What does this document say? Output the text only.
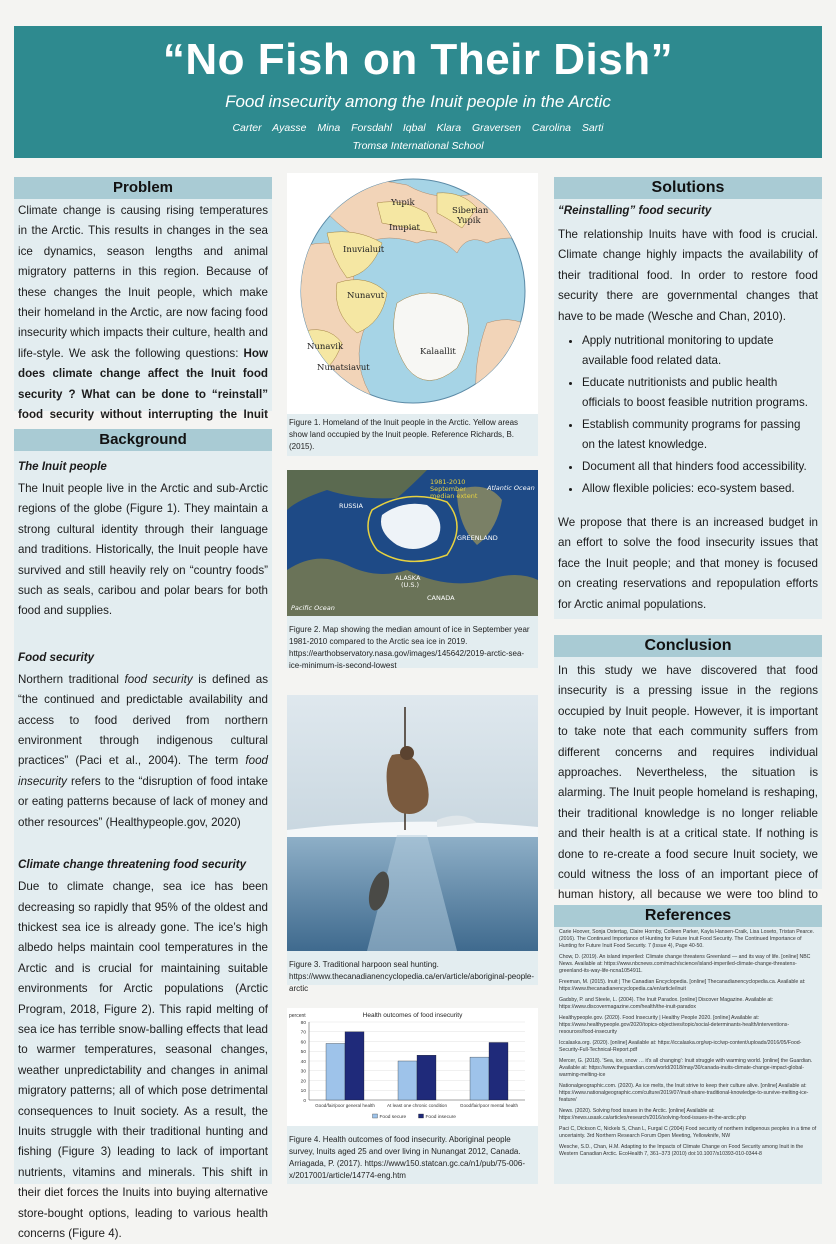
“No Fish on Their Dish”
Food insecurity among the Inuit people in the Arctic
Carter Ayasse Mina Forsdahl Iqbal Klara Graversen Carolina Sarti
Tromsø International School
Problem
Climate change is causing rising temperatures in the Arctic. This results in changes in the sea ice dynamics, season lengths and animal migratory patterns in this region. Because of these changes the Inuit people, which make their homeland in the Arctic, are now facing food insecurity which impacts their culture, health and life-style. We ask the following questions: How does climate change affect the Inuit food security ? What can be done to “reinstall” food security without interrupting the Inuit
Background
The Inuit people
The Inuit people live in the Arctic and sub-Arctic regions of the globe (Figure 1). They maintain a strong cultural identity through their language and traditions. Historically, the Inuit people have survived and still heavily rely on “country foods” such as seals, caribou and polar bears for both food and supplies.
Food security
Northern traditional food security is defined as “the continued and predictable availability and access to food derived from northern environment through indigenous cultural practices” (Paci et al., 2004). The term food insecurity refers to the “disruption of food intake or eating patterns because of lack of money and other resources” (Healthypeople.gov, 2020)
Climate change threatening food security
Due to climate change, sea ice has been decreasing so rapidly that 95% of the oldest and thickest sea ice is already gone. The ice’s high albedo helps maintain cool temperatures in the Arctic and is crucial for maintaining suitable environments for Arctic populations (Arctic Program, 2018, Figure 2). This rapid melting of sea ice has terrible snow-balling effects that lead to warmer temperatures, seasonal changes, weather unpredictability and changes in animal migratory patterns; all of which pose detrimental consequences to Inuit society. As a result, the Inuits struggle with their traditional hunting and fishing (Figure 3) leading to lack of important nutrients, vitamins and minerals. This shift in their diet forces the Inuits into buying alternative store-bought options, leading to various health concerns (Figure 4).
Yupik
Siberian
Yupik
Inupiat
Inuvialuit
Nunavut
Nunavik	Kalaallit
Nunatsiavut
Figure 1. Homeland of the Inuit people in the Arctic. Yellow areas show land occupied by the Inuit people. Reference Richards, B. (2015).
1981-2010
September
median extent
Atlantic Ocean
RUSSIA
GREENLAND
ALASKA
(U.S.)
CANADA
Pacific Ocean
Figure 2. Map showing the median amount of ice in September year 1981-2010 compared to the Arctic sea ice in 2019. https://earthobservatory.nasa.gov/images/145642/2019-arctic-sea-ice-minimum-is-second-lowest
Figure 3. Traditional harpoon seal hunting. https://www.thecanadianencyclopedia.ca/en/article/aboriginal-people-arctic
Health outcomes of food insecurity
percent
0
10
20
30
40
50
60
70
80
Good/fair/poor general health	At least one chronic condition	Good/fair/poor mental health
Food secure	Food insecure
Figure 4. Health outcomes of food insecurity. Aboriginal people survey, Inuits aged 25 and over living in Nunangat 2012, Canada. Arriagada, P. (2017). https://www150.statcan.gc.ca/n1/pub/75-006-x/2017001/article/14774-eng.htm
Solutions
“Reinstalling” food security
The relationship Inuits have with food is crucial. Climate change highly impacts the availability of their traditional food. In order to restore food security there are governmental changes that have to be made (Wesche and Chan, 2010).
• Apply nutritional monitoring to update available food related data.
• Educate nutritionists and public health officials to boost feasible nutrition programs.
• Establish community programs for passing on the latest knowledge.
• Document all that hinders food accessibility.
• Allow flexible policies: eco-system based.
We propose that there is an increased budget in an effort to solve the food insecurity issues that face the Inuit people; and that money is focused on creating reservations and repopulation efforts for Arctic animal populations.
Conclusion
In this study we have discovered that food insecurity is a pressing issue in the regions occupied by Inuit people. However, it is important to take note that each community suffers from different concerns and requires individual approaches. Nevertheless, the situation is alarming. The Inuit people homeland is reshaping, their traditional knowledge is no longer reliable and their health is at a critical state. If nothing is done to re-create a food secure Inuit society, we could witness the loss of an important piece of human history, all because we were too blind to
References

Carie Hoover, Sonja Ostertag, Claire Hornby, Colleen Parker, Kayla Hansen-Craik, Lisa Loseto, Tristan Pearce. (2016). The Continued Importance of Hunting for Future Inuit Food Security. The Continued Importance of Hunting for Future Inuit Food Security. 7 (Issue 4), Page 40-50.

Chow, D. (2019). An island imperiled: Climate change threatens Greenland — and its way of life. [online] NBC News. Available at: https://www.nbcnews.com/mach/science/island-imperiled-climate-change-threatens-greenland-its-way-life-ncna1054911.

Freeman, M. (2015). Inuit | The Canadian Encyclopedia. [online] Thecanadianencyclopedia.ca. Available at: https://www.thecanadianencyclopedia.ca/en/article/inuit

Gadsby, P. and Steele, L. (2004). The Inuit Paradox. [online] Discover Magazine. Available at: https://www.discovermagazine.com/health/the-inuit-paradox

Healthypeople.gov. (2020). Food Insecurity | Healthy People 2020. [online] Available at: https://www.healthypeople.gov/2020/topics-objectives/topic/social-determinants-health/interventions-resources/food-insecurity

Iccalaska.org. (2020). [online] Available at: https://iccalaska.org/wp-icc/wp-content/uploads/2016/05/Food-Security-Full-Technical-Report.pdf

Mercer, G. (2018). 'Sea, ice, snow … it's all changing': Inuit struggle with warming world. [online] the Guardian. Available at: https://www.theguardian.com/world/2018/may/30/canada-inuits-climate-change-impact-global-warming-melting-ice

Nationalgeographic.com. (2020). As ice melts, the Inuit strive to keep their culture alive. [online] Available at: https://www.nationalgeographic.com/culture/2019/07/inuit-share-traditional-knowledge-to-survive-melting-ice-feature/

News. (2020). Solving food issues in the Arctic. [online] Available at: https://news.usask.ca/articles/research/2016/solving-food-issues-in-the-arctic.php

Paci C, Dickson C, Nickels S, Chan L, Furgal C (2004) Food security of northern indigenous peoples in a time of uncertainty. 3rd Northern Research Forum Open Meeting, Yellowknife, NW

Wesche, S.D., Chan, H.M. Adapting to the Impacts of Climate Change on Food Security among Inuit in the Western Canadian Arctic. EcoHealth 7, 361–373 (2010) doi:10.1007/s10393-010-0344-8
